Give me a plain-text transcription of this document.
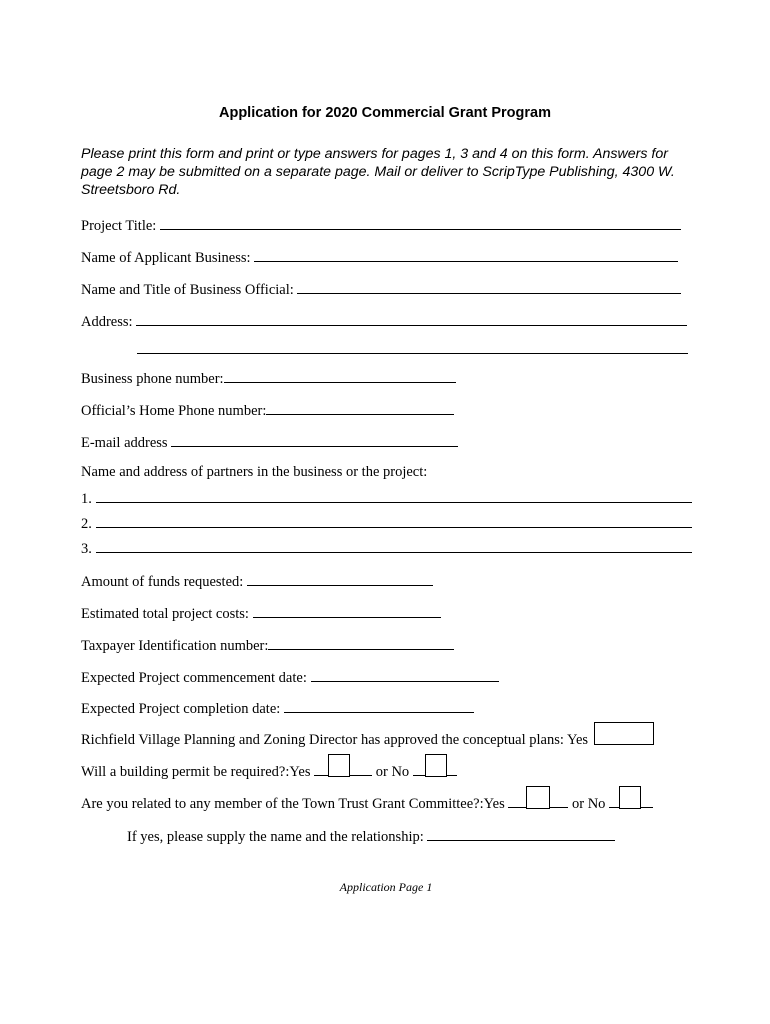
Application for 2020 Commercial Grant Program
Please print this form and print or type answers for pages 1, 3 and 4 on this form. Answers for page 2 may be submitted on a separate page. Mail or deliver to ScripType Publishing, 4300 W. Streetsboro Rd.
Project Title:
Name of Applicant Business:
Name and Title of Business Official:
Address:
Business phone number:
Official’s Home Phone number:
E-mail address
Name and address of partners in the business or the project:
1.
2.
3.
Amount of funds requested:
Estimated total project costs:
Taxpayer Identification number:
Expected Project commencement date:
Expected Project completion date:
Richfield Village Planning and Zoning Director has approved the conceptual plans: Yes
Will a building permit be required?:Yes	or No
Are you related to any member of the Town Trust Grant Committee?:Yes	or No
If yes, please supply the name and the relationship:
Application Page 1
